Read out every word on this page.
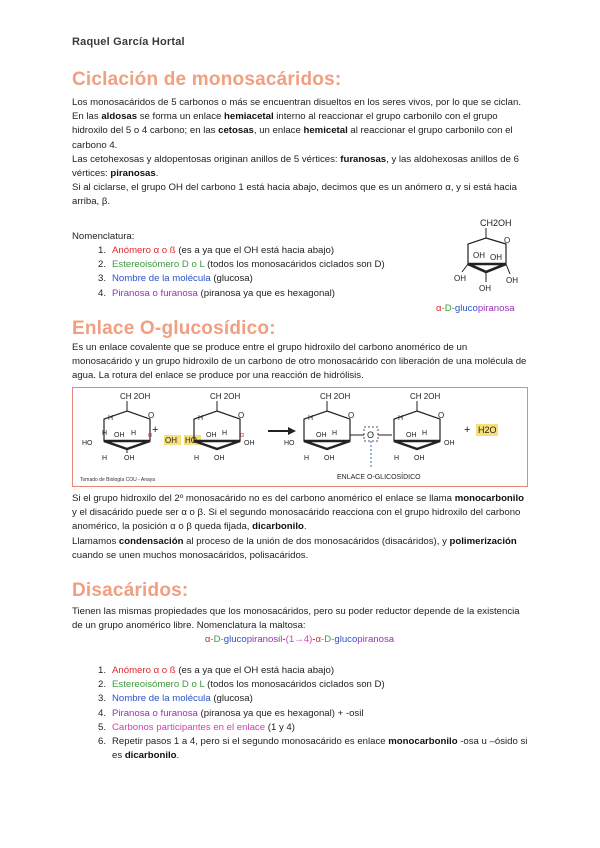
Raquel García Hortal
Ciclación de monosacáridos:
Los monosacáridos de 5 carbonos o más se encuentran disueltos en los seres vivos, por lo que se ciclan. En las aldosas se forma un enlace hemiacetal interno al reaccionar el grupo carbonilo con el grupo hidroxilo del 5 o 4 carbono; en las cetosas, un enlace hemicetal al reaccionar el grupo carbonilo con el carbono 4.
Las cetohexosas y aldopentosas originan anillos de 5 vértices: furanosas, y las aldohexosas anillos de 6 vértices: piranosas.
Si al ciclarse, el grupo OH del carbono 1 está hacia abajo, decimos que es un anómero α, y si está hacia arriba, β.
Nomenclatura:
1. Anómero α o ß (es a ya que el OH está hacia abajo)
2. Estereoisómero D o L (todos los monosacáridos ciclados son D)
3. Nombre de la molécula (glucosa)
4. Piranosa o furanosa (piranosa ya que es hexagonal)
CH2OH
O
OH OH
OH
OH
OH
α-D-glucopiranosa
Enlace O-glucosídico:
Es un enlace covalente que se produce entre el grupo hidroxilo del carbono anomérico de un monosacárido y un grupo hidroxilo de un carbono de otro monosacárido con liberación de una molécula de agua. La rotura del enlace se produce por una reacción de hidrólisis.
CH 2OH
O
H
H OH H
HO
H OH
α
OH
+
HO
CH 2OH
O
H
OH H
H OH
α
OH
CH 2OH
O
H
OH H
HO
H OH
O
CH 2OH
O
H
OH H
H OH
OH
+ H2O
Tomado de Biología COU - Anaya	ENLACE O-GLICOSÍDICO
Si el grupo hidroxilo del 2º monosacárido no es del carbono anomérico el enlace se llama monocarbonilo y el disacárido puede ser α o β. Si el segundo monosacárido reacciona con el grupo hidroxilo del carbono anomérico, la posición α o β queda fijada, dicarbonilo.
Llamamos condensación al proceso de la unión de dos monosacáridos (disacáridos), y polimerización cuando se unen muchos monosacáridos, polisacáridos.
Disacáridos:
Tienen las mismas propiedades que los monosacáridos, pero su poder reductor depende de la existencia de un grupo anomérico libre. Nomenclatura la maltosa:
α-D-glucopiranosil-(1→4)-α-D-glucopiranosa
1. Anómero α o ß (es a ya que el OH está hacia abajo)
2. Estereoisómero D o L (todos los monosacáridos ciclados son D)
3. Nombre de la molécula (glucosa)
4. Piranosa o furanosa (piranosa ya que es hexagonal) + -osil
5. Carbonos participantes en el enlace (1 y 4)
6. Repetir pasos 1 a 4, pero si el segundo monosacárido es enlace monocarbonilo -osa u –ósido si es dicarbonilo.
